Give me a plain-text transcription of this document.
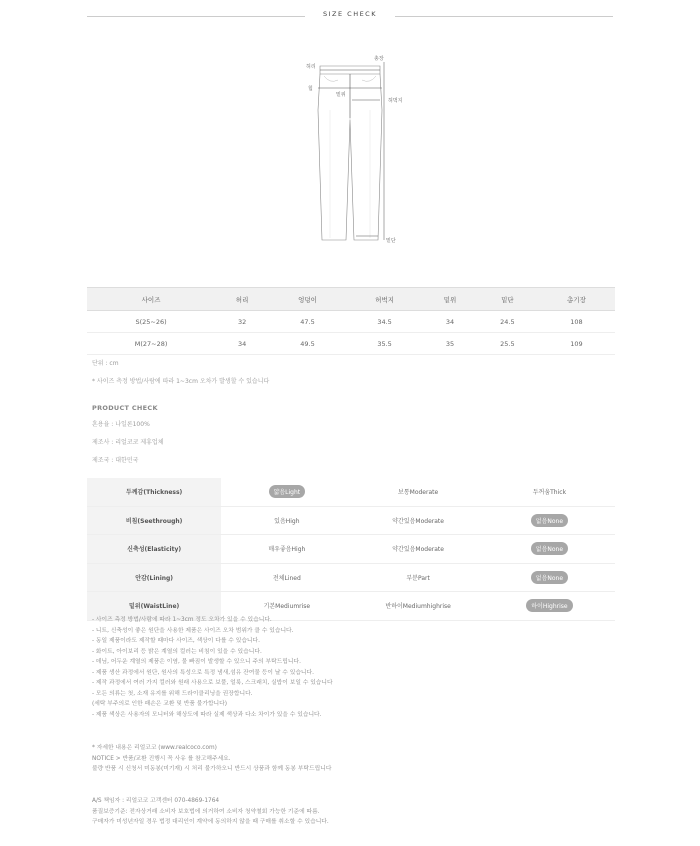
SIZE CHECK
허리
총장
힙
밑위
허벅지
밑단
사이즈	허리	엉덩이	허벅지	밑위	밑단	총기장
S(25~26)	32	47.5	34.5	34	24.5	108
M(27~28)	34	49.5	35.5	35	25.5	109
단위 : cm
* 사이즈 측정 방법/사람에 따라 1~3cm 오차가 발생할 수 있습니다
PRODUCT CHECK
혼용율 : 나일론100%
제조사 : 리얼코코 제휴업체
제조국 : 대한민국
두께감(Thickness)	얇음Light	보통Moderate	두꺼움Thick
비침(Seethrough)	있음High	약간있음Moderate	없음None
신축성(Elasticity)	매우좋음High	약간있음Moderate	없음None
안감(Lining)	전체Lined	부분Part	없음None
밑위(WaistLine)	기본Mediumrise	반하이Mediumhighrise	하이Highrise
- 사이즈 측정 방법/사람에 따라 1~3cm 정도 오차가 있을 수 있습니다.
- 니트, 신축성이 좋은 원단을 사용한 제품은 사이즈 오차 범위가 클 수 있습니다.
- 동일 제품이라도 제작할 때마다 사이즈, 색상이 다를 수 있습니다.
- 화이트, 아이보리 등 밝은 계열의 컬러는 비침이 있을 수 있습니다.
- 데님, 어두운 계열의 제품은 이염, 물 빠짐이 발생할 수 있으니 주의 부탁드립니다.
- 제품 생산 과정에서 원단, 원사의 특성으로 특정 냄새,섬유 잔여물 등이 날 수 있습니다.
- 제작 과정에서 여러 가지 컬러와 원래 사용으로 보풀, 얼룩, 스크래치, 실밥이 보일 수 있습니다
- 모든 의류는 첫, 소재 유지를 위해 드라이클리닝을 권장합니다.
(세탁 부주의로 인한 패손은 교환 및 반품 불가합니다)
- 제품 색상은 사용자의 모니터와 해상도에 따라 실제 색상과 다소 차이가 있을 수 있습니다.
* 자세한 내용은 리얼코코 (www.realcoco.com)
NOTICE > 반품/교환 진행시 꼭 사유 를 참고해주세요.
불량 반품 시 신청서 미동봉(미기재) 시 처리 불가하오니 반드시 상품과 함께 동봉 부탁드립니다
A/S 책임자 : 리얼코코 고객센터 070-4869-1764
품질보증기준: 전자상거래 소비자 보호법에 의거하여 소비자 청약철회 가능한 기준에 따름.
구매자가 미성년자일 경우 법정 대리인이 계약에 동의하지 않을 때 구매를 취소할 수 있습니다.
